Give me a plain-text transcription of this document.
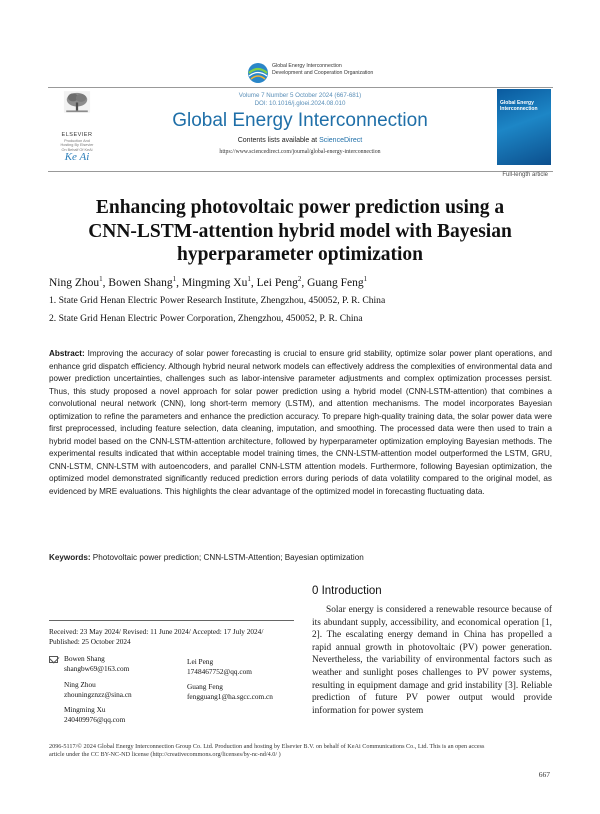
Global Energy Interconnection
Development and Cooperation Organization
ELSEVIER
Production And
Hosting By Elsevier
On Behalf Of KeAi
Ke Ai
Volume 7 Number 5 October 2024 (667-681)
DOI: 10.1016/j.gloei.2024.08.010
Global Energy Interconnection
Contents lists available at ScienceDirect
https://www.sciencedirect.com/journal/global-energy-interconnection
Global Energy
Interconnection
Full-length article
Enhancing photovoltaic power prediction using a
CNN-LSTM-attention hybrid model with Bayesian
hyperparameter optimization
Ning Zhou$^1$, Bowen Shang$^1$, Mingming Xu$^1$, Lei Peng$^2$, Guang Feng$^1$
1. State Grid Henan Electric Power Research Institute, Zhengzhou, 450052, P. R. China
2. State Grid Henan Electric Power Corporation, Zhengzhou, 450052, P. R. China
Abstract: Improving the accuracy of solar power forecasting is crucial to ensure grid stability, optimize solar power plant operations, and enhance grid dispatch efficiency. Although hybrid neural network models can effectively address the complexities of environmental data and power prediction uncertainties, challenges such as labor-intensive parameter adjustments and complex optimization processes persist. Thus, this study proposed a novel approach for solar power prediction using a hybrid model (CNN-LSTM-attention) that combines a convolutional neural network (CNN), long short-term memory (LSTM), and attention mechanisms. The model incorporates Bayesian optimization to refine the parameters and enhance the prediction accuracy. To prepare high-quality training data, the solar power data were first preprocessed, including feature selection, data cleaning, imputation, and smoothing. The processed data were then used to train a hybrid model based on the CNN-LSTM-attention architecture, followed by hyperparameter optimization employing Bayesian methods. The experimental results indicated that within acceptable model training times, the CNN-LSTM-attention model outperformed the LSTM, GRU, CNN-LSTM, CNN-LSTM with autoencoders, and parallel CNN-LSTM attention models. Furthermore, following Bayesian optimization, the optimized model demonstrated significantly reduced prediction errors during periods of data volatility compared to the original model, as evidenced by MRE evaluations. This highlights the clear advantage of the optimized model in forecasting fluctuating data.
Keywords: Photovoltaic power prediction; CNN-LSTM-Attention; Bayesian optimization
0 Introduction
Solar energy is considered a renewable resource because of its abundant supply, accessibility, and economical operation [1, 2]. The escalating energy demand in China has propelled a rapid annual growth in photovoltaic (PV) power generation. Nevertheless, the variability of environmental factors such as weather and sunlight poses challenges to PV power systems, resulting in equipment damage and grid instability [3]. Reliable prediction of future PV power output would provide information for power system
Received: 23 May 2024/ Revised: 11 June 2024/ Accepted: 17 July 2024/
Published: 25 October 2024
Bowen Shang
shangbw69@163.com
Ning Zhou
zhouningznzz@sina.cn
Mingming Xu
240409976@qq.com
Lei Peng
1748467752@qq.com
Guang Feng
fengguang1@ha.sgcc.com.cn
2096-5117/© 2024 Global Energy Interconnection Group Co. Ltd. Production and hosting by Elsevier B.V. on behalf of KeAi Communications Co., Ltd. This is an open access
article under the CC BY-NC-ND license (http://creativecommons.org/licenses/by-nc-nd/4.0/ )
667
